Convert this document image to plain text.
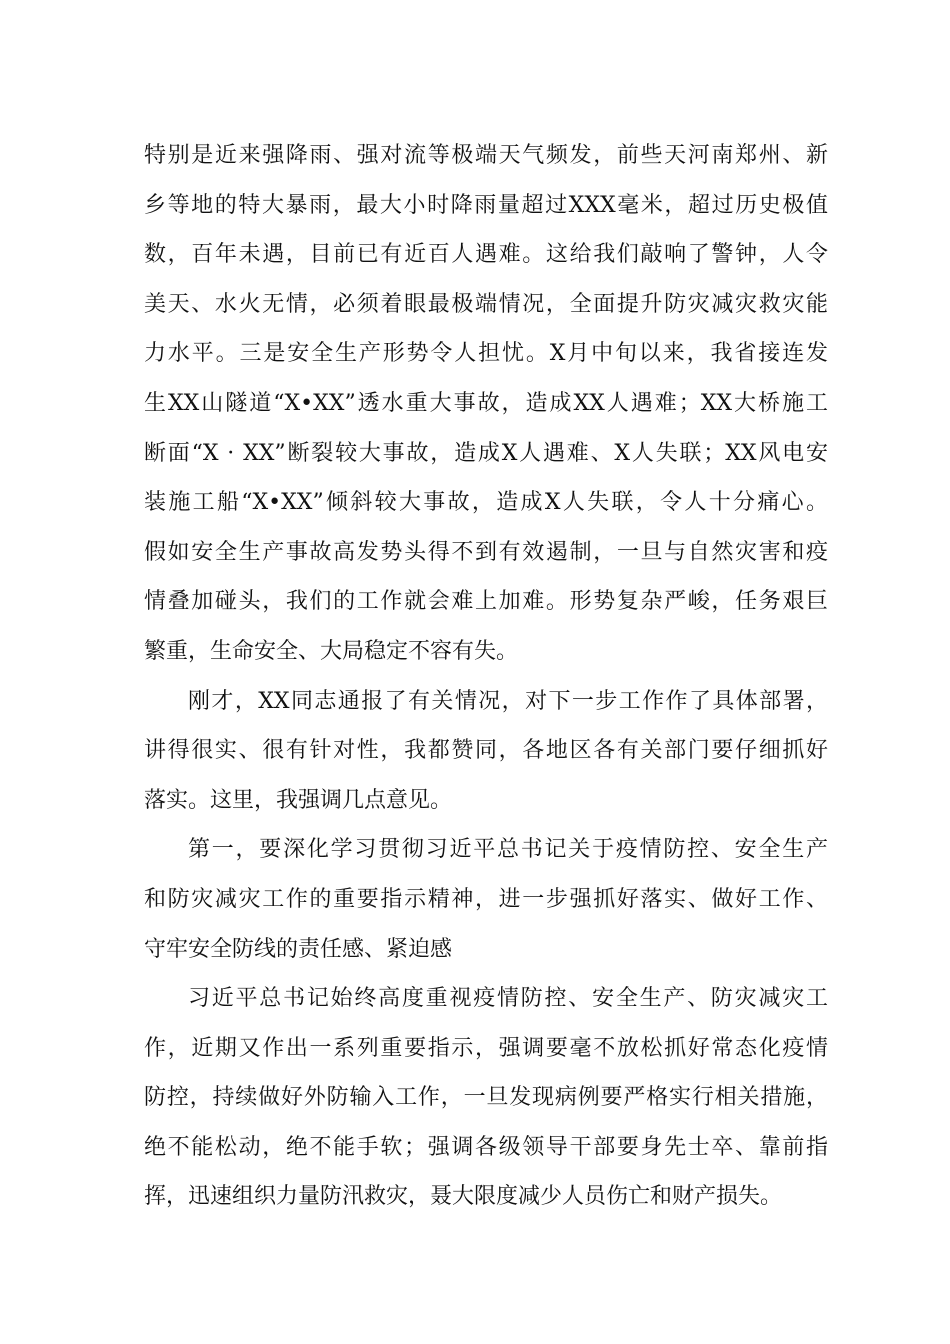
特别是近来强降雨、强对流等极端天气频发，前些天河南郑州、新
乡等地的特大暴雨，最大小时降雨量超过XXX毫米，超过历史极值
数，百年未遇，目前已有近百人遇难。这给我们敲响了警钟，人令
美天、水火无情，必须着眼最极端情况，全面提升防灾减灾救灾能
力水平。三是安全生产形势令人担忧。X月中旬以来，我省接连发
生XX山隧道“X•XX”透水重大事故，造成XX人遇难；XX大桥施工
断面“X · XX”断裂较大事故，造成X人遇难、X人失联；XX风电安
装施工船“X•XX”倾斜较大事故，造成X人失联，令人十分痛心。
假如安全生产事故高发势头得不到有效遏制，一旦与自然灾害和疫
情叠加碰头，我们的工作就会难上加难。形势复杂严峻，任务艰巨
繁重，生命安全、大局稳定不容有失。
刚才，XX同志通报了有关情况，对下一步工作作了具体部署，
讲得很实、很有针对性，我都赞同，各地区各有关部门要仔细抓好
落实。这里，我强调几点意见。
第一，要深化学习贯彻习近平总书记关于疫情防控、安全生产
和防灾减灾工作的重要指示精神，进一步强抓好落实、做好工作、
守牢安全防线的责任感、紧迫感
习近平总书记始终高度重视疫情防控、安全生产、防灾减灾工
作，近期又作出一系列重要指示，强调要毫不放松抓好常态化疫情
防控，持续做好外防输入工作，一旦发现病例要严格实行相关措施，
绝不能松动，绝不能手软；强调各级领导干部要身先士卒、靠前指
挥，迅速组织力量防汛救灾，聂大限度减少人员伤亡和财产损失。
